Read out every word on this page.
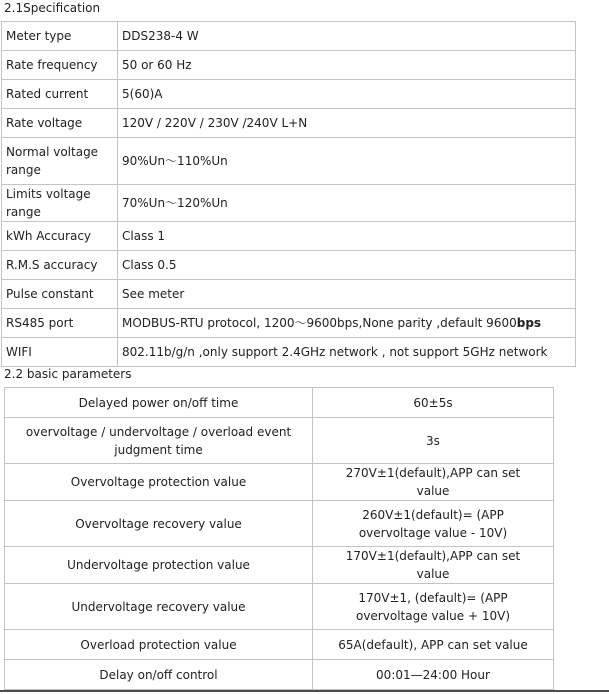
2.1Specification
Meter type	DDS238-4 W
Rate frequency	50 or 60 Hz
Rated current	5(60)A
Rate voltage	120V / 220V / 230V /240V L+N
Normal voltage range	90%Un～110%Un
Limits voltage range	70%Un～120%Un
kWh Accuracy	Class 1
R.M.S accuracy	Class 0.5
Pulse constant	See meter
RS485 port	MODBUS-RTU protocol, 1200～9600bps,None parity ,default 9600bps
WIFI	802.11b/g/n ,only support 2.4GHz network , not support 5GHz network
2.2 basic parameters
Delayed power on/off time	60±5s
overvoltage / undervoltage / overload event judgment time	3s
Overvoltage protection value	270V±1(default),APP can set value
Overvoltage recovery value	260V±1(default)= (APP overvoltage value - 10V)
Undervoltage protection value	170V±1(default),APP can set value
Undervoltage recovery value	170V±1, (default)= (APP overvoltage value + 10V)
Overload protection value	65A(default), APP can set value
Delay on/off control	00:01—24:00 Hour
